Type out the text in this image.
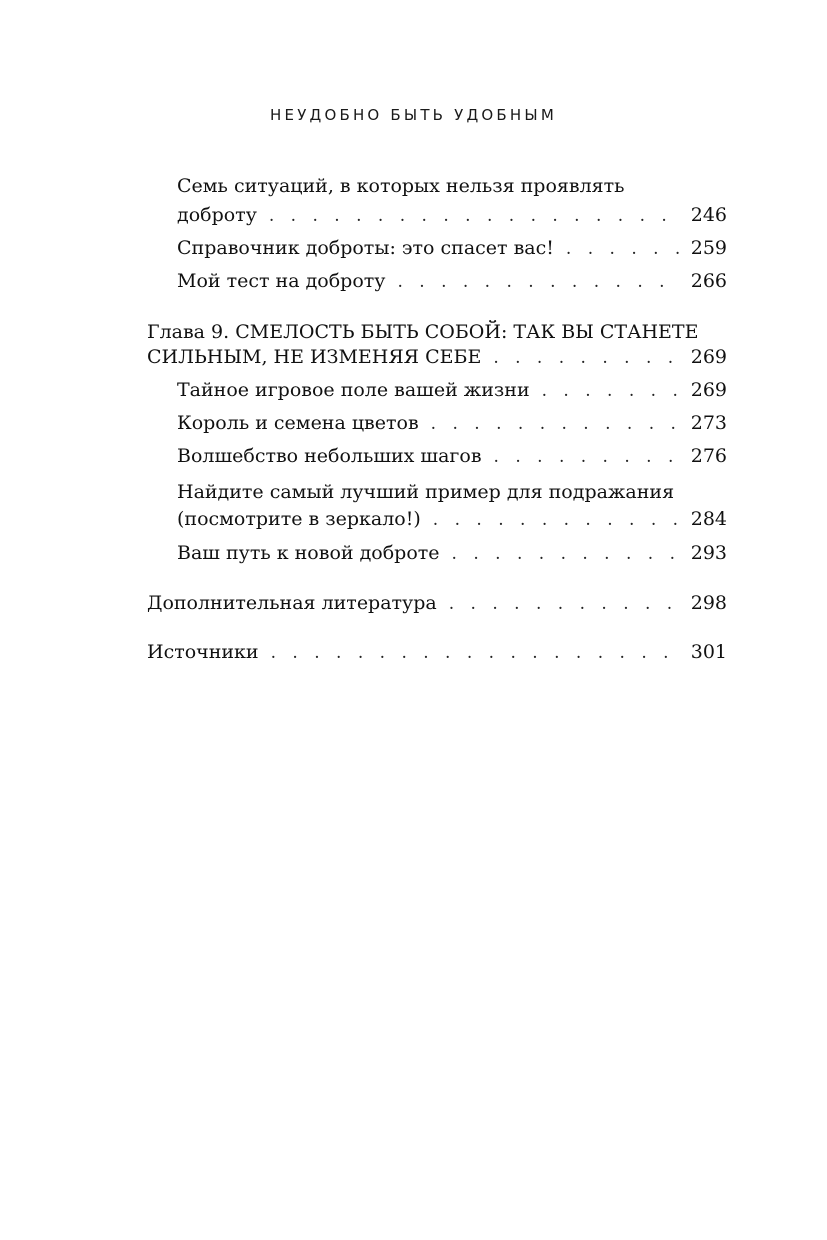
НЕУДОБНО БЫТЬ УДОБНЫМ
Семь ситуаций, в которых нельзя проявлять
доброту . . .	246
Справочник доброты: это спасет вас! . . .	259
Мой тест на доброту . . .	266
Глава 9. СМЕЛОСТЬ БЫТЬ СОБОЙ: ТАК ВЫ СТАНЕТЕ
СИЛЬНЫМ, НЕ ИЗМЕНЯЯ СЕБЕ . . .	269
Тайное игровое поле вашей жизни . . .	269
Король и семена цветов . . .	273
Волшебство небольших шагов . . .	276
Найдите самый лучший пример для подражания
(посмотрите в зеркало!) . . .	284
Ваш путь к новой доброте . . .	293
Дополнительная литература . . .	298
Источники . . .	301
